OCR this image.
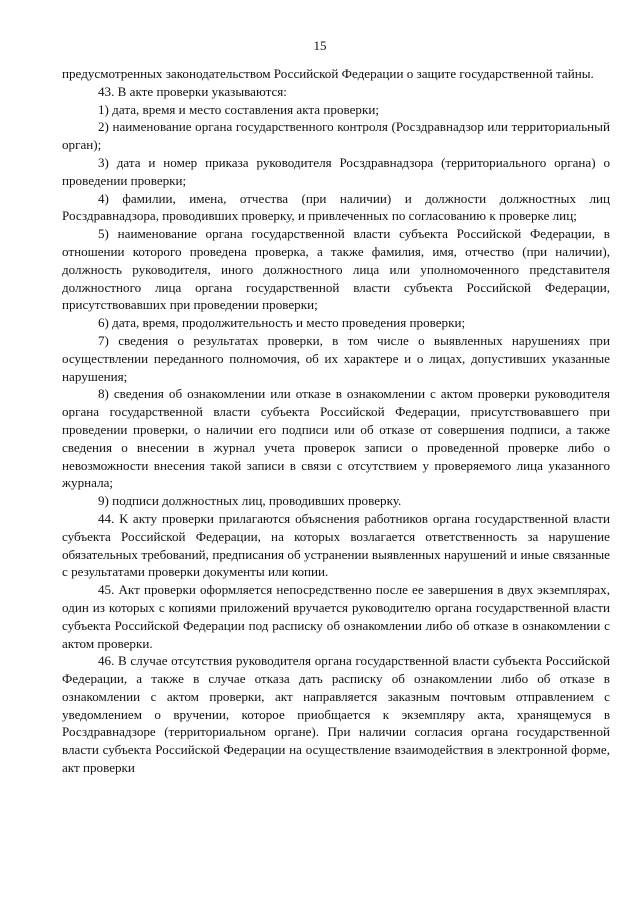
15

предусмотренных законодательством Российской Федерации о защите государственной тайны.

43. В акте проверки указываются:

1) дата, время и место составления акта проверки;

2) наименование органа государственного контроля (Росздравнадзор или территориальный орган);

3) дата и номер приказа руководителя Росздравнадзора (территориального органа) о проведении проверки;

4) фамилии, имена, отчества (при наличии) и должности должностных лиц Росздравнадзора, проводивших проверку, и привлеченных по согласованию к проверке лиц;

5) наименование органа государственной власти субъекта Российской Федерации, в отношении которого проведена проверка, а также фамилия, имя, отчество (при наличии), должность руководителя, иного должностного лица или уполномоченного представителя должностного лица органа государственной власти субъекта Российской Федерации, присутствовавших при проведении проверки;

6) дата, время, продолжительность и место проведения проверки;

7) сведения о результатах проверки, в том числе о выявленных нарушениях при осуществлении переданного полномочия, об их характере и о лицах, допустивших указанные нарушения;

8) сведения об ознакомлении или отказе в ознакомлении с актом проверки руководителя органа государственной власти субъекта Российской Федерации, присутствовавшего при проведении проверки, о наличии его подписи или об отказе от совершения подписи, а также сведения о внесении в журнал учета проверок записи о проведенной проверке либо о невозможности внесения такой записи в связи с отсутствием у проверяемого лица указанного журнала;

9) подписи должностных лиц, проводивших проверку.

44. К акту проверки прилагаются объяснения работников органа государственной власти субъекта Российской Федерации, на которых возлагается ответственность за нарушение обязательных требований, предписания об устранении выявленных нарушений и иные связанные с результатами проверки документы или копии.

45. Акт проверки оформляется непосредственно после ее завершения в двух экземплярах, один из которых с копиями приложений вручается руководителю органа государственной власти субъекта Российской Федерации под расписку об ознакомлении либо об отказе в ознакомлении с актом проверки.

46. В случае отсутствия руководителя органа государственной власти субъекта Российской Федерации, а также в случае отказа дать расписку об ознакомлении либо об отказе в ознакомлении с актом проверки, акт направляется заказным почтовым отправлением с уведомлением о вручении, которое приобщается к экземпляру акта, хранящемуся в Росздравнадзоре (территориальном органе). При наличии согласия органа государственной власти субъекта Российской Федерации на осуществление взаимодействия в электронной форме, акт проверки
